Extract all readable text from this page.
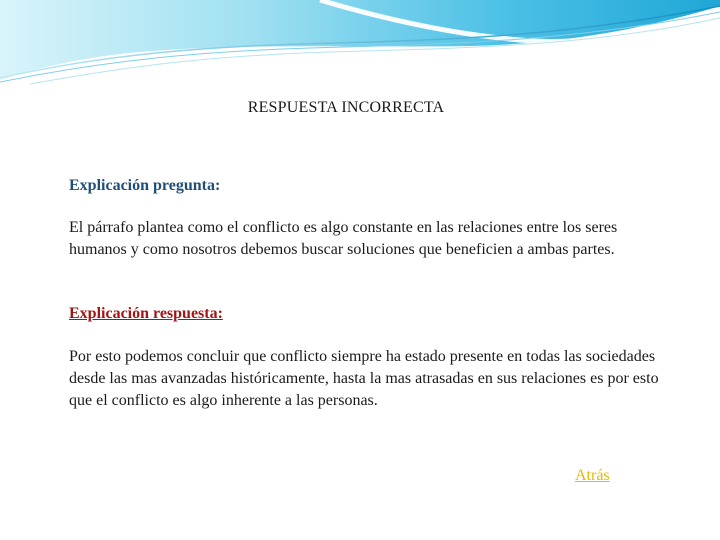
RESPUESTA INCORRECTA
Explicación pregunta:

El párrafo plantea como el conflicto es algo constante en las relaciones entre los seres humanos y como nosotros debemos buscar soluciones que beneficien a ambas partes.

Explicación respuesta:

Por esto podemos concluir que conflicto siempre ha estado presente en todas las sociedades desde las mas avanzadas históricamente, hasta la mas atrasadas en sus relaciones es por esto que el conflicto es algo inherente a las personas.

Atrás
